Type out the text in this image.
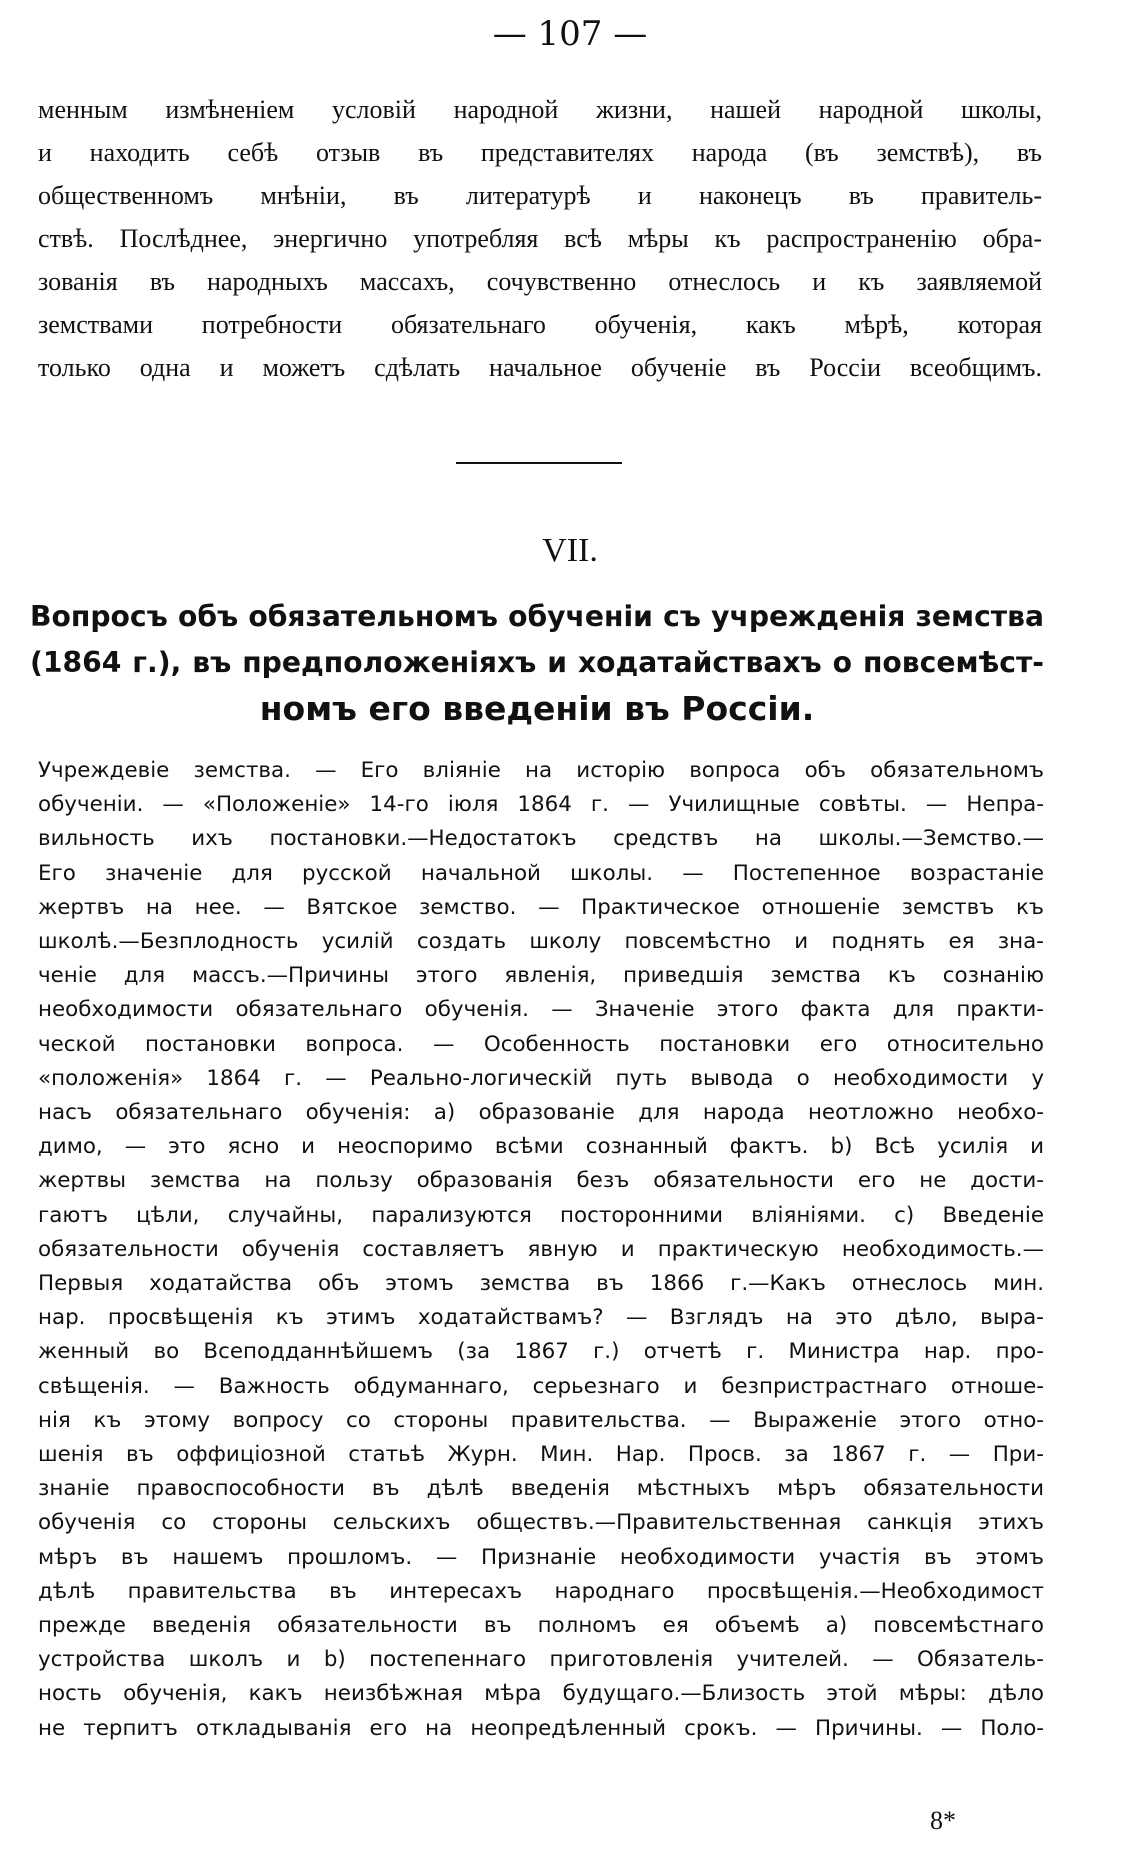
— 107 —
менным измѣненіем условій народной жизни, нашей народной школы,
и находить себѣ отзыв въ представителях народа (въ земствѣ), въ
общественномъ мнѣніи, въ литературѣ и наконецъ въ правитель-
ствѣ. Послѣднее, энергично употребляя всѣ мѣры къ распространенію обра-
зованія въ народныхъ массахъ, сочувственно отнеслось и къ заявляемой
земствами потребности обязательнаго обученія, какъ мѣрѣ, которая
только одна и можетъ сдѣлать начальное обученіе въ Россіи всеобщимъ.
VII.
Вопросъ объ обязательномъ обученіи съ учрежденія земства
(1864 г.), въ предположеніяхъ и ходатайствахъ о повсемѣст-
номъ его введеніи въ Россіи.
Учреждевіе земства. — Его вліяніе на исторію вопроса объ обязательномъ
обученіи. — «Положеніе» 14-го іюля 1864 г. — Училищные совѣты. — Непра-
вильность ихъ постановки.—Недостатокъ средствъ на школы.—Земство.—
Его значеніе для русской начальной школы. — Постепенное возрастаніе
жертвъ на нее. — Вятское земство. — Практическое отношеніе земствъ къ
школѣ.—Безплодность усилій создать школу повсемѣстно и поднять ея зна-
ченіе для массъ.—Причины этого явленія, приведшія земства къ сознанію
необходимости обязательнаго обученія. — Значеніе этого факта для практи-
ческой постановки вопроса. — Особенность постановки его относительно
«положенія» 1864 г. — Реально-логическій путь вывода о необходимости у
насъ обязательнаго обученія: a) образованіе для народа неотложно необхо-
димо, — это ясно и неоспоримо всѣми сознанный фактъ. b) Всѣ усилія и
жертвы земства на пользу образованія безъ обязательности его не дости-
гаютъ цѣли, случайны, парализуются посторонними вліяніями. c) Введеніе
обязательности обученія составляетъ явную и практическую необходимость.—
Первыя ходатайства объ этомъ земства въ 1866 г.—Какъ отнеслось мин.
нар. просвѣщенія къ этимъ ходатайствамъ? — Взглядъ на это дѣло, выра-
женный во Всеподданнѣйшемъ (за 1867 г.) отчетѣ г. Министра нар. про-
свѣщенія. — Важность обдуманнаго, серьезнаго и безпристрастнаго отноше-
нія къ этому вопросу со стороны правительства. — Выраженіе этого отно-
шенія въ оффиціозной статьѣ Журн. Мин. Нар. Просв. за 1867 г. — При-
знаніе правоспособности въ дѣлѣ введенія мѣстныхъ мѣръ обязательности
обученія со стороны сельскихъ обществъ.—Правительственная санкція этихъ
мѣръ въ нашемъ прошломъ. — Признаніе необходимости участія въ этомъ
дѣлѣ правительства въ интересахъ народнаго просвѣщенія.—Необходимост
прежде введенія обязательности въ полномъ ея объемѣ a) повсемѣстнаго
устройства школъ и b) постепеннаго приготовленія учителей. — Обязатель-
ность обученія, какъ неизбѣжная мѣра будущаго.—Близость этой мѣры: дѣло
не терпитъ откладыванія его на неопредѣленный срокъ. — Причины. — Поло-
8*
